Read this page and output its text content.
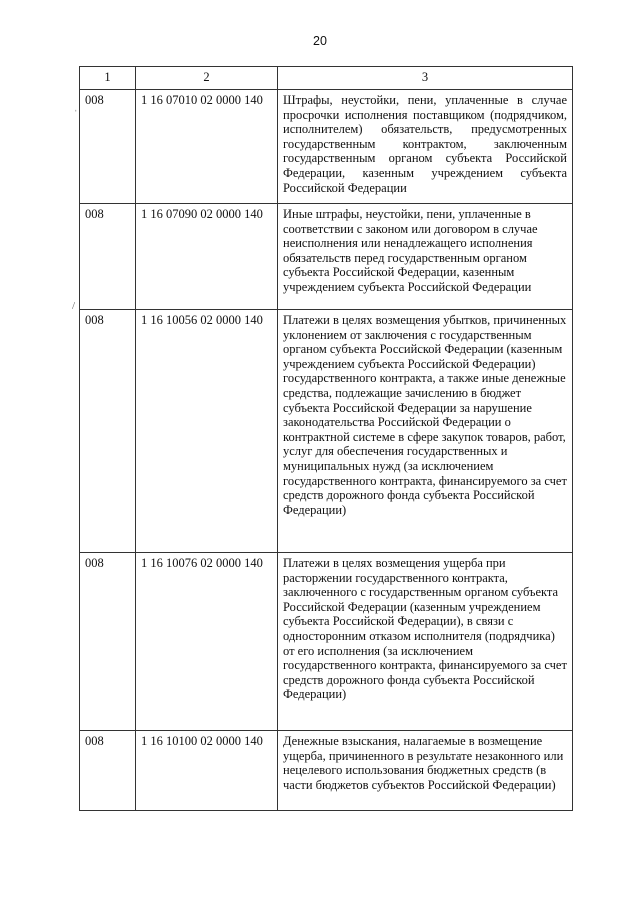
20
1	2	3
008	1 16 07010 02 0000 140	Штрафы, неустойки, пени, уплаченные в случае просрочки исполнения поставщиком (подрядчиком, исполнителем) обязательств, предусмотренных государственным контрактом, заключенным государственным органом субъекта Российской Федерации, казенным учреждением субъекта Российской Федерации
008	1 16 07090 02 0000 140	Иные штрафы, неустойки, пени, уплаченные в соответствии с законом или договором в случае неисполнения или ненадлежащего исполнения обязательств перед государственным органом субъекта Российской Федерации, казенным учреждением субъекта Российской Федерации
008	1 16 10056 02 0000 140	Платежи в целях возмещения убытков, причиненных уклонением от заключения с государственным органом субъекта Российской Федерации (казенным учреждением субъекта Российской Федерации) государственного контракта, а также иные денежные средства, подлежащие зачислению в бюджет субъекта Российской Федерации за нарушение законодательства Российской Федерации о контрактной системе в сфере закупок товаров, работ, услуг для обеспечения государственных и муниципальных нужд (за исключением государственного контракта, финансируемого за счет средств дорожного фонда субъекта Российской Федерации)
008	1 16 10076 02 0000 140	Платежи в целях возмещения ущерба при расторжении государственного контракта, заключенного с государственным органом субъекта Российской Федерации (казенным учреждением субъекта Российской Федерации), в связи с односторонним отказом исполнителя (подрядчика) от его исполнения (за исключением государственного контракта, финансируемого за счет средств дорожного фонда субъекта Российской Федерации)
008	1 16 10100 02 0000 140	Денежные взыскания, налагаемые в возмещение ущерба, причиненного в результате незаконного или нецелевого использования бюджетных средств (в части бюджетов субъектов Российской Федерации)
ˌ
/
